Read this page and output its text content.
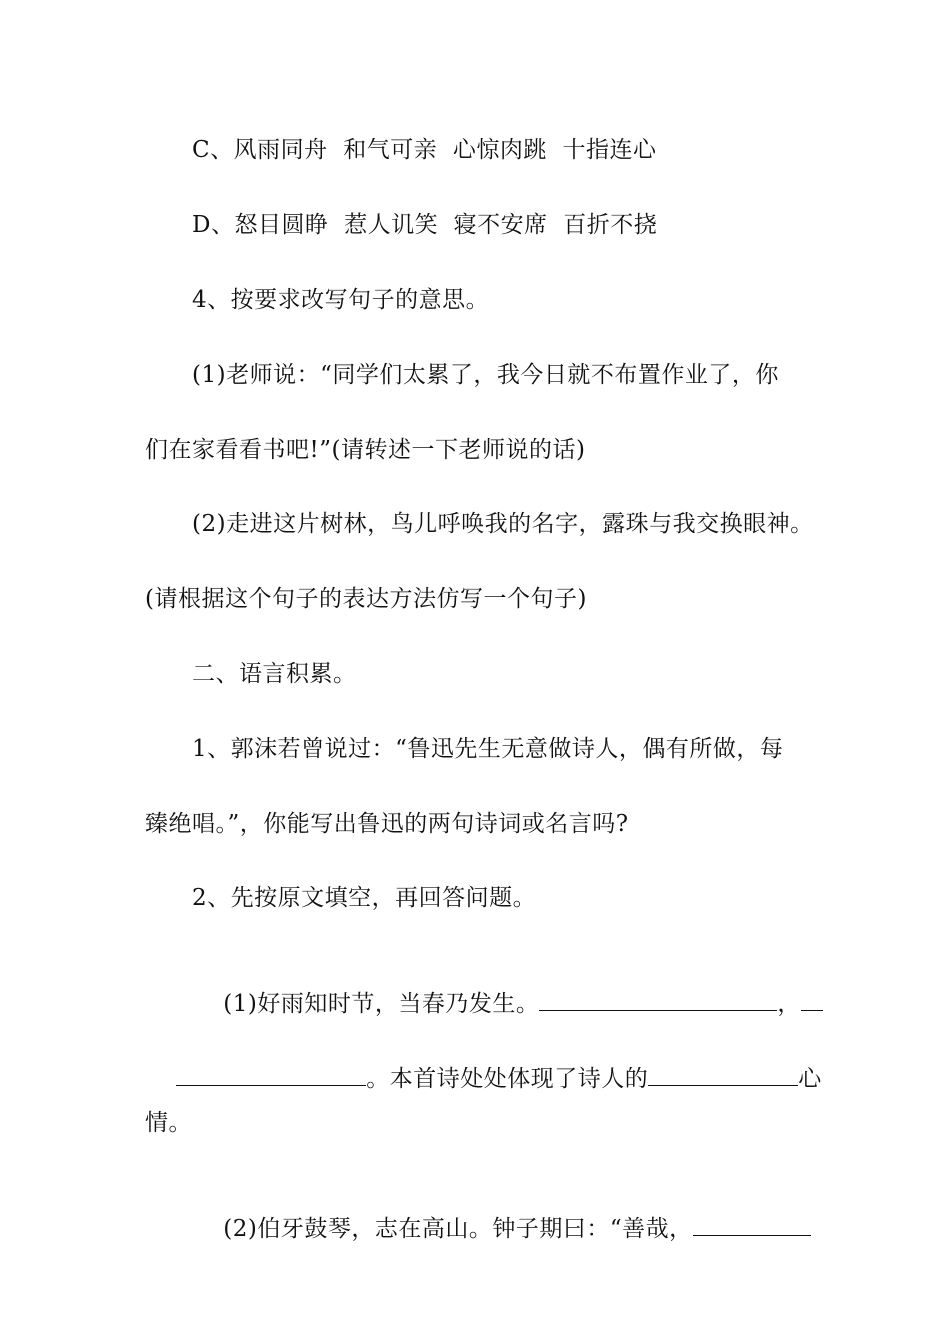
C、风雨同舟  和气可亲  心惊肉跳  十指连心
D、怒目圆睁  惹人讥笑  寝不安席  百折不挠
4、按要求改写句子的意思。
(1)老师说：“同学们太累了，我今日就不布置作业了，你
们在家看看书吧!”(请转述一下老师说的话)
(2)走进这片树林，鸟儿呼唤我的名字，露珠与我交换眼神。
(请根据这个句子的表达方法仿写一个句子)
二、语言积累。
1、郭沫若曾说过：“鲁迅先生无意做诗人，偶有所做，每
臻绝唱。”，你能写出鲁迅的两句诗词或名言吗?
2、先按原文填空，再回答问题。

(1)好雨知时节，当春乃发生。	，

。本首诗处处体现了诗人的	心

情。

(2)伯牙鼓琴，志在高山。钟子期曰：“善哉，
